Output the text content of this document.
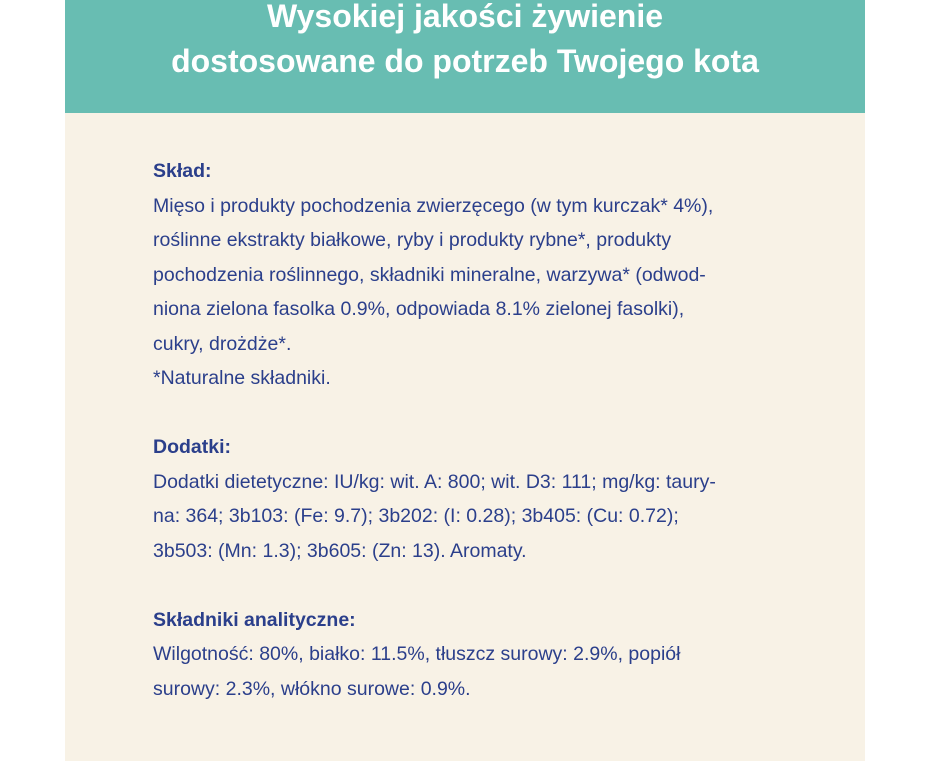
Wysokiej jakości żywienie
dostosowane do potrzeb Twojego kota
Skład:
Mięso i produkty pochodzenia zwierzęcego (w tym kurczak* 4%),
roślinne ekstrakty białkowe, ryby i produkty rybne*, produkty
pochodzenia roślinnego, składniki mineralne, warzywa* (odwod-
niona zielona fasolka 0.9%, odpowiada 8.1% zielonej fasolki),
cukry, drożdże*.
*Naturalne składniki.
Dodatki:
Dodatki dietetyczne: IU/kg: wit. A: 800; wit. D3: 111; mg/kg: taury-
na: 364; 3b103: (Fe: 9.7); 3b202: (I: 0.28); 3b405: (Cu: 0.72);
3b503: (Mn: 1.3); 3b605: (Zn: 13). Aromaty.
Składniki analityczne:
Wilgotność: 80%, białko: 11.5%, tłuszcz surowy: 2.9%, popiół
surowy: 2.3%, włókno surowe: 0.9%.
